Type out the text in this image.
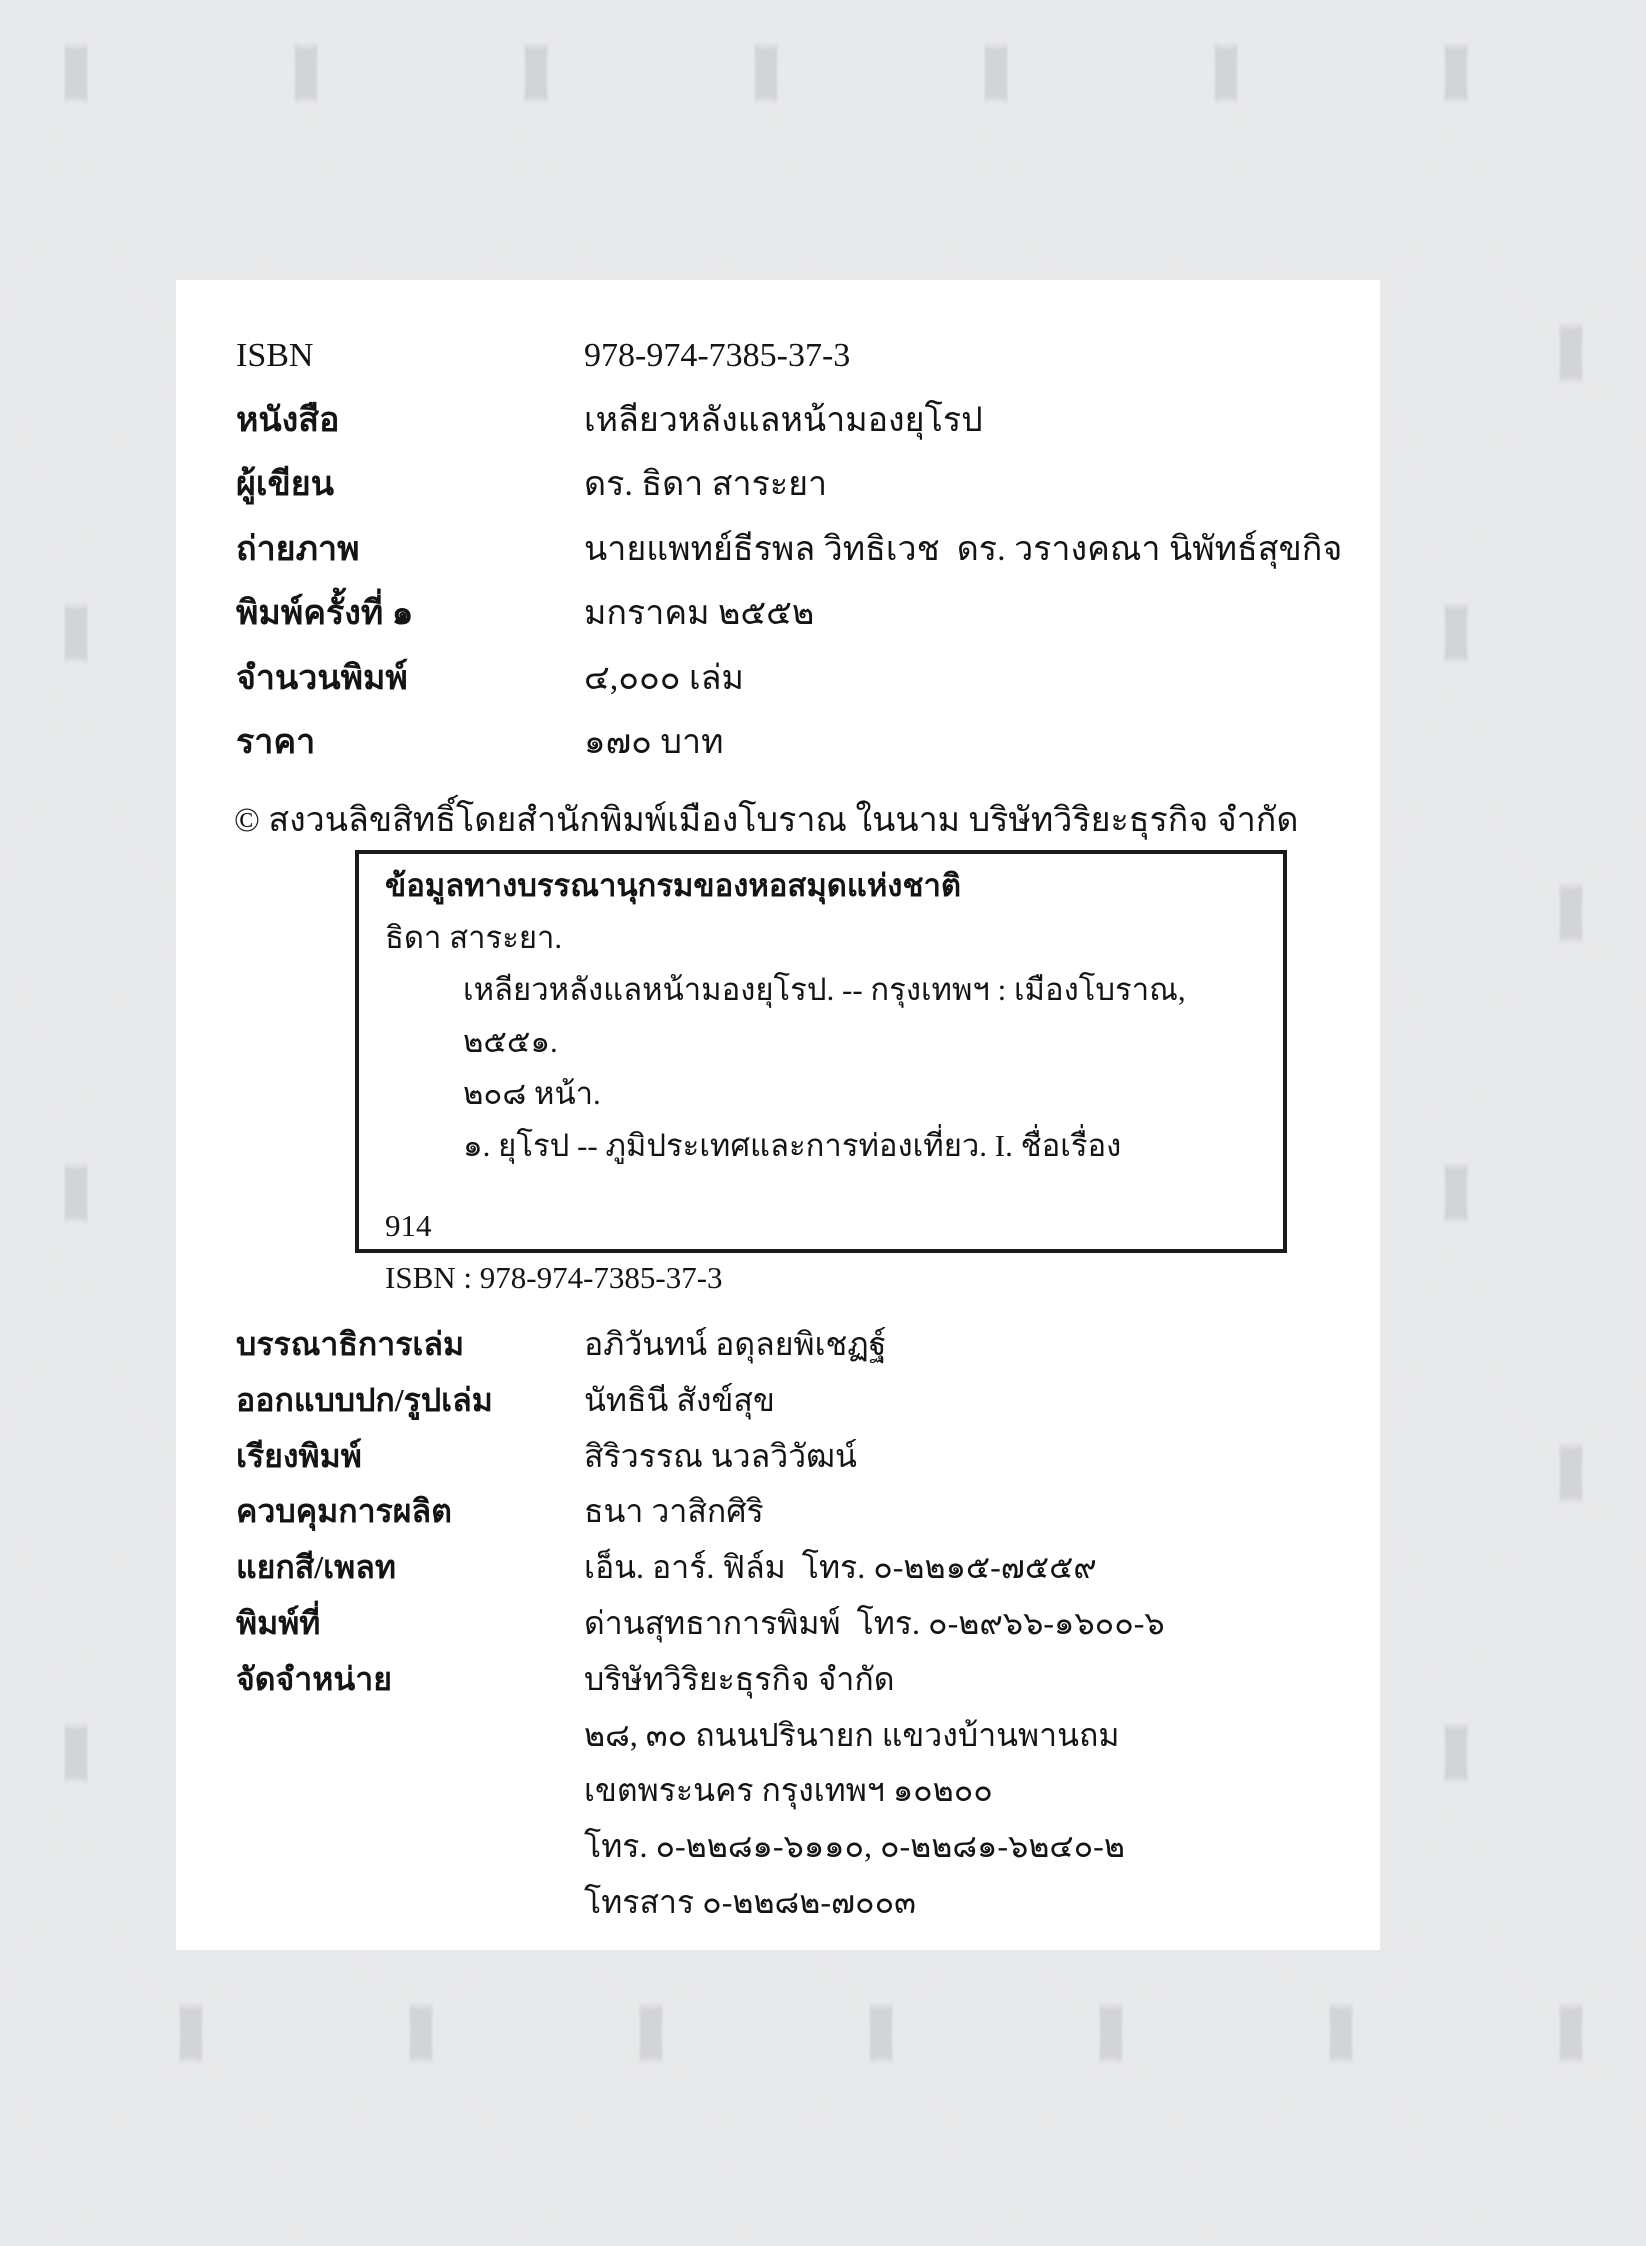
ISBN	978-974-7385-37-3
หนังสือ	เหลียวหลังแลหน้ามองยุโรป
ผู้เขียน	ดร. ธิดา สาระยา
ถ่ายภาพ	นายแพทย์ธีรพล วิทธิเวช  ดร. วรางคณา นิพัทธ์สุขกิจ
พิมพ์ครั้งที่ ๑	มกราคม ๒๕๕๒
จำนวนพิมพ์	๔,๐๐๐ เล่ม
ราคา	๑๗๐ บาท
© สงวนลิขสิทธิ์โดยสำนักพิมพ์เมืองโบราณ ในนาม บริษัทวิริยะธุรกิจ จำกัด
ข้อมูลทางบรรณานุกรมของหอสมุดแห่งชาติ
ธิดา สาระยา.
เหลียวหลังแลหน้ามองยุโรป. -- กรุงเทพฯ : เมืองโบราณ, ๒๕๕๑.
๒๐๘ หน้า.
๑. ยุโรป -- ภูมิประเทศและการท่องเที่ยว. I. ชื่อเรื่อง
914
ISBN : 978-974-7385-37-3
บรรณาธิการเล่ม	อภิวันทน์ อดุลยพิเชฏฐ์
ออกแบบปก/รูปเล่ม	นัทธินี สังข์สุข
เรียงพิมพ์	สิริวรรณ นวลวิวัฒน์
ควบคุมการผลิต	ธนา วาสิกศิริ
แยกสี/เพลท	เอ็น. อาร์. ฟิล์ม  โทร. ๐-๒๒๑๕-๗๕๕๙
พิมพ์ที่	ด่านสุทธาการพิมพ์  โทร. ๐-๒๙๖๖-๑๖๐๐-๖
จัดจำหน่าย	บริษัทวิริยะธุรกิจ จำกัด
๒๘, ๓๐ ถนนปรินายก แขวงบ้านพานถม
เขตพระนคร กรุงเทพฯ ๑๐๒๐๐
โทร. ๐-๒๒๘๑-๖๑๑๐, ๐-๒๒๘๑-๖๒๔๐-๒
โทรสาร ๐-๒๒๘๒-๗๐๐๓
